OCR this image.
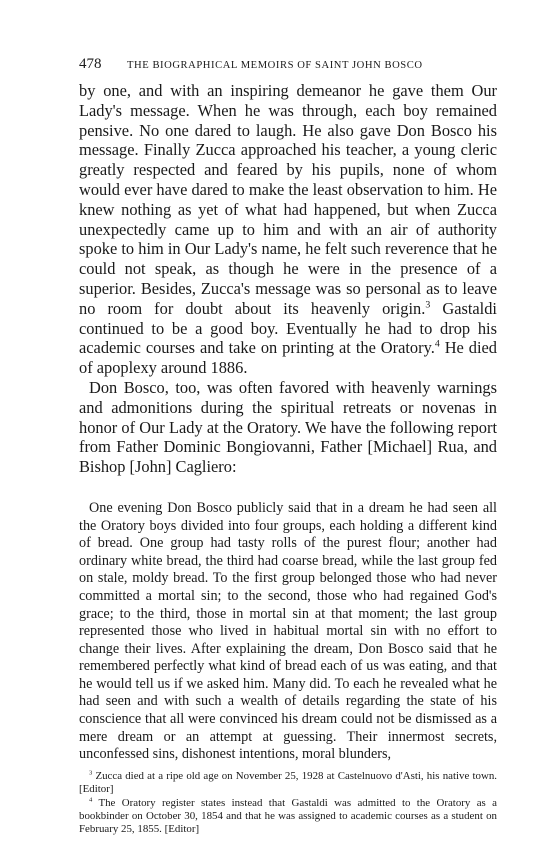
478	THE BIOGRAPHICAL MEMOIRS OF SAINT JOHN BOSCO

by one, and with an inspiring demeanor he gave them Our Lady's message. When he was through, each boy remained pensive. No one dared to laugh. He also gave Don Bosco his message. Finally Zucca approached his teacher, a young cleric greatly respected and feared by his pupils, none of whom would ever have dared to make the least observation to him. He knew nothing as yet of what had happened, but when Zucca unexpectedly came up to him and with an air of authority spoke to him in Our Lady's name, he felt such reverence that he could not speak, as though he were in the presence of a superior. Besides, Zucca's message was so personal as to leave no room for doubt about its heavenly origin.$^3$ Gastaldi continued to be a good boy. Eventually he had to drop his academic courses and take on printing at the Oratory.$^4$ He died of apoplexy around 1886.

Don Bosco, too, was often favored with heavenly warnings and admonitions during the spiritual retreats or novenas in honor of Our Lady at the Oratory. We have the following report from Father Dominic Bongiovanni, Father [Michael] Rua, and Bishop [John] Cagliero:

One evening Don Bosco publicly said that in a dream he had seen all the Oratory boys divided into four groups, each holding a different kind of bread. One group had tasty rolls of the purest flour; another had ordinary white bread, the third had coarse bread, while the last group fed on stale, moldy bread. To the first group belonged those who had never committed a mortal sin; to the second, those who had regained God's grace; to the third, those in mortal sin at that moment; the last group represented those who lived in habitual mortal sin with no effort to change their lives. After explaining the dream, Don Bosco said that he remembered perfectly what kind of bread each of us was eating, and that he would tell us if we asked him. Many did. To each he revealed what he had seen and with such a wealth of details regarding the state of his conscience that all were convinced his dream could not be dismissed as a mere dream or an attempt at guessing. Their innermost secrets, unconfessed sins, dishonest intentions, moral blunders,

$^3$ Zucca died at a ripe old age on November 25, 1928 at Castelnuovo d'Asti, his native town. [Editor]

$^4$ The Oratory register states instead that Gastaldi was admitted to the Oratory as a bookbinder on October 30, 1854 and that he was assigned to academic courses as a student on February 25, 1855. [Editor]
